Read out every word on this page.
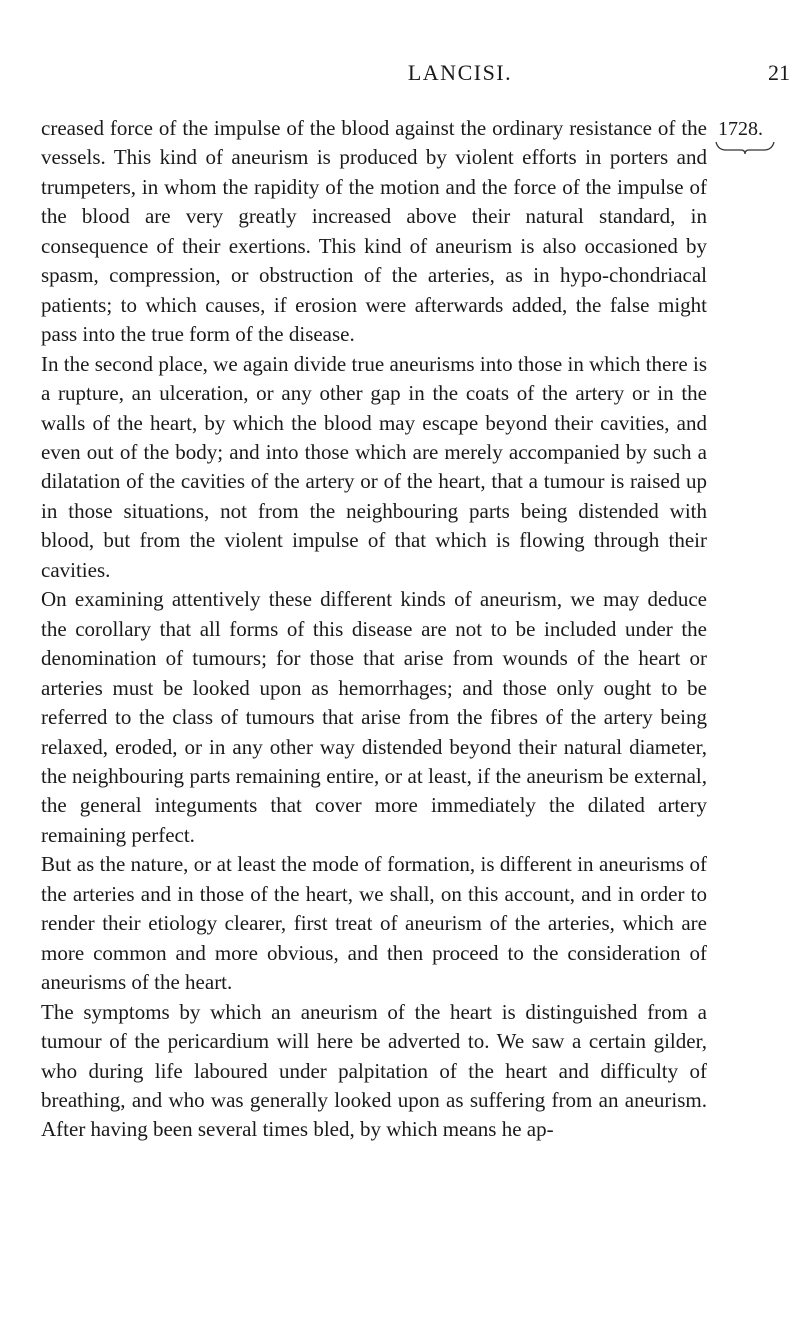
LANCISI.	21
1728.

creased force of the impulse of the blood against the ordinary resistance of the vessels. This kind of aneurism is produced by violent efforts in porters and trumpeters, in whom the rapidity of the motion and the force of the impulse of the blood are very greatly increased above their natural standard, in consequence of their exertions. This kind of aneurism is also occasioned by spasm, compression, or obstruction of the arteries, as in hypo-chondriacal patients; to which causes, if erosion were afterwards added, the false might pass into the true form of the disease.

In the second place, we again divide true aneurisms into those in which there is a rupture, an ulceration, or any other gap in the coats of the artery or in the walls of the heart, by which the blood may escape beyond their cavities, and even out of the body; and into those which are merely accompanied by such a dilatation of the cavities of the artery or of the heart, that a tumour is raised up in those situations, not from the neighbouring parts being distended with blood, but from the violent impulse of that which is flowing through their cavities.

On examining attentively these different kinds of aneurism, we may deduce the corollary that all forms of this disease are not to be included under the denomination of tumours; for those that arise from wounds of the heart or arteries must be looked upon as hemorrhages; and those only ought to be referred to the class of tumours that arise from the fibres of the artery being relaxed, eroded, or in any other way distended beyond their natural diameter, the neighbouring parts remaining entire, or at least, if the aneurism be external, the general integuments that cover more immediately the dilated artery remaining perfect.

But as the nature, or at least the mode of formation, is different in aneurisms of the arteries and in those of the heart, we shall, on this account, and in order to render their etiology clearer, first treat of aneurism of the arteries, which are more common and more obvious, and then proceed to the consideration of aneurisms of the heart.

The symptoms by which an aneurism of the heart is distinguished from a tumour of the pericardium will here be adverted to. We saw a certain gilder, who during life laboured under palpitation of the heart and difficulty of breathing, and who was generally looked upon as suffering from an aneurism. After having been several times bled, by which means he ap-
